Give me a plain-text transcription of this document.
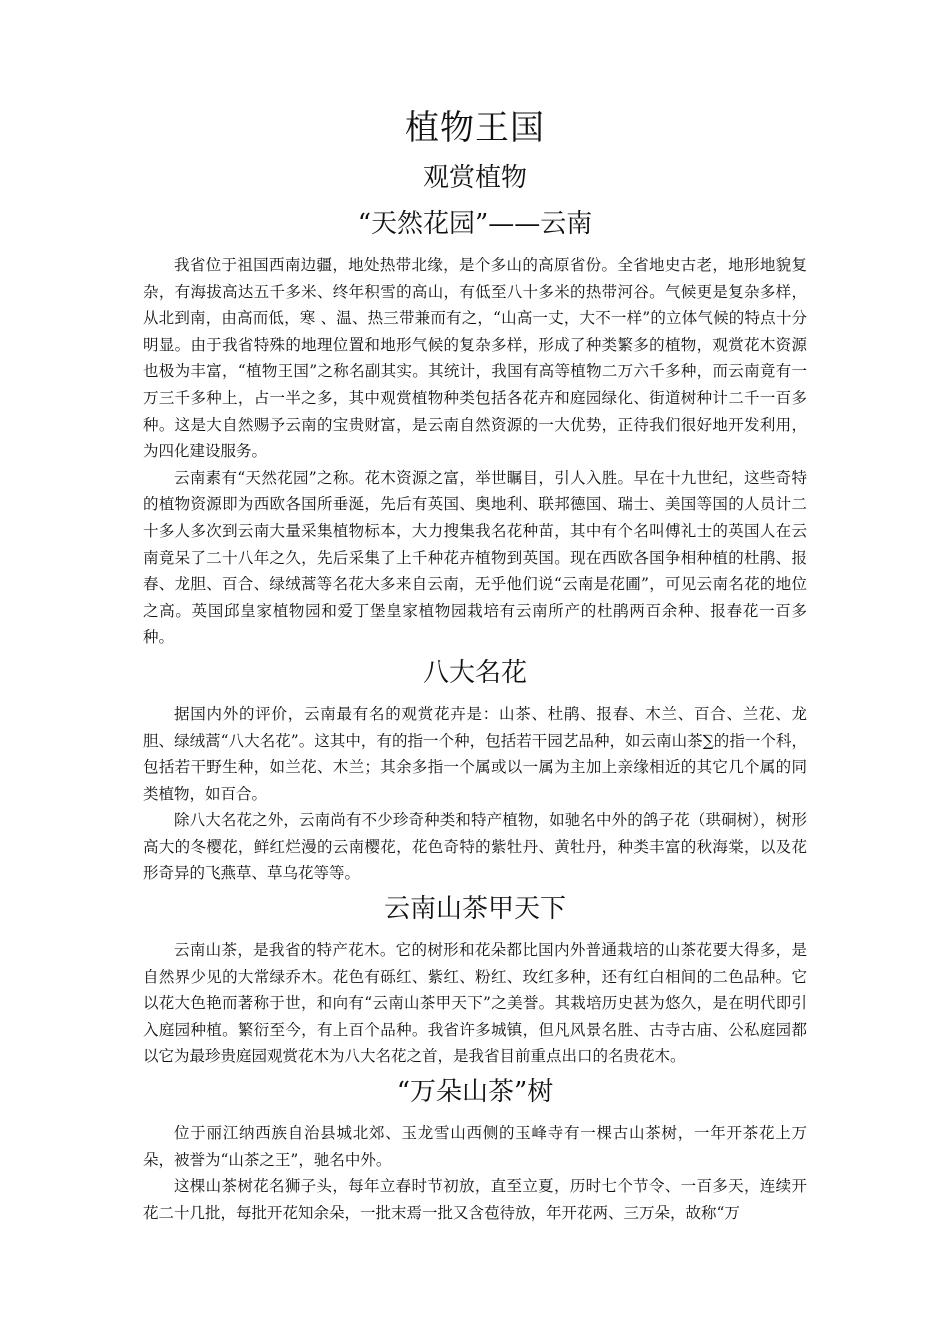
植物王国
观赏植物
“天然花园”——云南

我省位于祖国西南边疆，地处热带北缘，是个多山的高原省份。全省地史古老，地形地貌复杂，有海拔高达五千多米、终年积雪的高山，有低至八十多米的热带河谷。气候更是复杂多样，从北到南，由高而低，寒 、温、热三带兼而有之，“山高一丈，大不一样”的立体气候的特点十分明显。由于我省特殊的地理位置和地形气候的复杂多样，形成了种类繁多的植物，观赏花木资源也极为丰富，“植物王国”之称名副其实。其统计，我国有高等植物二万六千多种，而云南竟有一万三千多种上，占一半之多，其中观赏植物种类包括各花卉和庭园绿化、街道树种计二千一百多种。这是大自然赐予云南的宝贵财富，是云南自然资源的一大优势，正待我们很好地开发利用，为四化建设服务。

云南素有“天然花园”之称。花木资源之富，举世瞩目，引人入胜。早在十九世纪，这些奇特的植物资源即为西欧各国所垂涎，先后有英国、奥地利、联邦德国、瑞士、美国等国的人员计二十多人多次到云南大量采集植物标本，大力搜集我名花种苗，其中有个名叫傅礼士的英国人在云南竟呆了二十八年之久，先后采集了上千种花卉植物到英国。现在西欧各国争相种植的杜鹃、报春、龙胆、百合、绿绒蒿等名花大多来自云南，无乎他们说“云南是花圃”，可见云南名花的地位之高。英国邱皇家植物园和爱丁堡皇家植物园栽培有云南所产的杜鹃两百余种、报春花一百多种。

八大名花

据国内外的评价，云南最有名的观赏花卉是：山茶、杜鹃、报春、木兰、百合、兰花、龙胆、绿绒蒿“八大名花”。这其中，有的指一个种，包括若干园艺品种，如云南山茶∑的指一个科，包括若干野生种，如兰花、木兰；其余多指一个属或以一属为主加上亲缘相近的其它几个属的同类植物，如百合。

除八大名花之外，云南尚有不少珍奇种类和特产植物，如驰名中外的鸽子花（珙硐树），树形高大的冬樱花，鲜红烂漫的云南樱花，花色奇特的紫牡丹、黄牡丹，种类丰富的秋海棠，以及花形奇异的飞燕草、草乌花等等。

云南山茶甲天下

云南山茶，是我省的特产花木。它的树形和花朵都比国内外普通栽培的山茶花要大得多，是自然界少见的大常绿乔木。花色有砾红、紫红、粉红、玫红多种，还有红白相间的二色品种。它以花大色艳而著称于世，和向有“云南山茶甲天下”之美誉。其栽培历史甚为悠久，是在明代即引入庭园种植。繁衍至今，有上百个品种。我省许多城镇，但凡风景名胜、古寺古庙、公私庭园都以它为最珍贵庭园观赏花木为八大名花之首，是我省目前重点出口的名贵花木。

“万朵山茶”树

位于丽江纳西族自治县城北郊、玉龙雪山西侧的玉峰寺有一棵古山茶树，一年开茶花上万朵，被誉为“山茶之王”，驰名中外。

这棵山茶树花名狮子头，每年立春时节初放，直至立夏，历时七个节令、一百多天，连续开花二十几批，每批开花知余朵，一批末焉一批又含苞待放，年开花两、三万朵，故称“万
